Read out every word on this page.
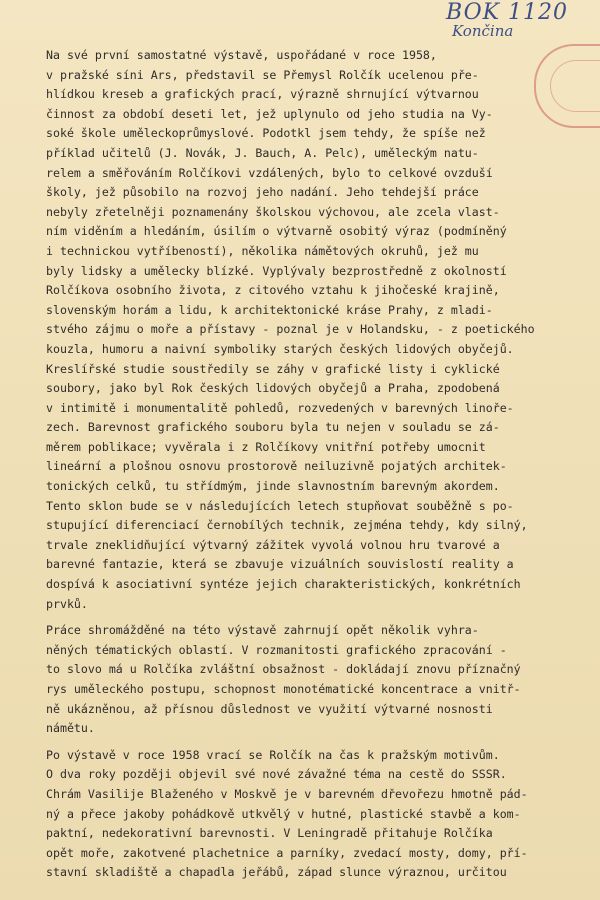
BOK 1120
Končina
Na své první samostatné výstavě, uspořádané v roce 1958,
v pražské síni Ars, představil se Přemysl Rolčík ucelenou pře-
hlídkou kreseb a grafických prací, výrazně shrnující výtvarnou
činnost za období deseti let, jež uplynulo od jeho studia na Vy-
soké škole uměleckoprůmyslové. Podotkl jsem tehdy, že spíše než
příklad učitelů (J. Novák, J. Bauch, A. Pelc), uměleckým natu-
relem a směřováním Rolčíkovi vzdálených, bylo to celkové ovzduší
školy, jež působilo na rozvoj jeho nadání. Jeho tehdejší práce
nebyly zřetelněji poznamenány školskou výchovou, ale zcela vlast-
ním viděním a hledáním, úsilím o výtvarně osobitý výraz (podmíněný
i technickou vytříbeností), několika námětových okruhů, jež mu
byly lidsky a umělecky blízké. Vyplývaly bezprostředně z okolností
Rolčíkova osobního života, z citového vztahu k jihočeské krajině,
slovenským horám a lidu, k architektonické kráse Prahy, z mladi-
stvého zájmu o moře a přístavy - poznal je v Holandsku, - z poetického
kouzla, humoru a naivní symboliky starých českých lidových obyčejů.
Kreslířské studie soustředily se záhy v grafické listy i cyklické
soubory, jako byl Rok českých lidových obyčejů a Praha, zpodobená
v intimitě i monumentalitě pohledů, rozvedených v barevných linoře-
zech. Barevnost grafického souboru byla tu nejen v souladu se zá-
měrem poblikace; vyvěrala i z Rolčíkovy vnitřní potřeby umocnit
lineární a plošnou osnovu prostorově neiluzivně pojatých architek-
tonických celků, tu střídmým, jinde slavnostním barevným akordem.
Tento sklon bude se v následujících letech stupňovat souběžně s po-
stupující diferenciací černobílých technik, zejména tehdy, kdy silný,
trvale zneklidňující výtvarný zážitek vyvolá volnou hru tvarové a
barevné fantazie, která se zbavuje vizuálních souvislostí reality a
dospívá k asociativní syntéze jejich charakteristických, konkrétních
prvků.
Práce shromážděné na této výstavě zahrnují opět několik vyhra-
něných tématických oblastí. V rozmanitosti grafického zpracování -
to slovo má u Rolčíka zvláštní obsažnost - dokládají znovu příznačný
rys uměleckého postupu, schopnost monotématické koncentrace a vnitř-
ně ukázněnou, až přísnou důslednost ve využití výtvarné nosnosti
námětu.
Po výstavě v roce 1958 vrací se Rolčík na čas k pražským motivům.
O dva roky později objevil své nové závažné téma na cestě do SSSR.
Chrám Vasilije Blaženého v Moskvě je v barevném dřevořezu hmotně pád-
ný a přece jakoby pohádkově utkvělý v hutné, plastické stavbě a kom-
paktní, nedekorativní barevnosti. V Leningradě přitahuje Rolčíka
opět moře, zakotvené plachetnice a parníky, zvedací mosty, domy, pří-
stavní skladiště a chapadla jeřábů, západ slunce výraznou, určitou
